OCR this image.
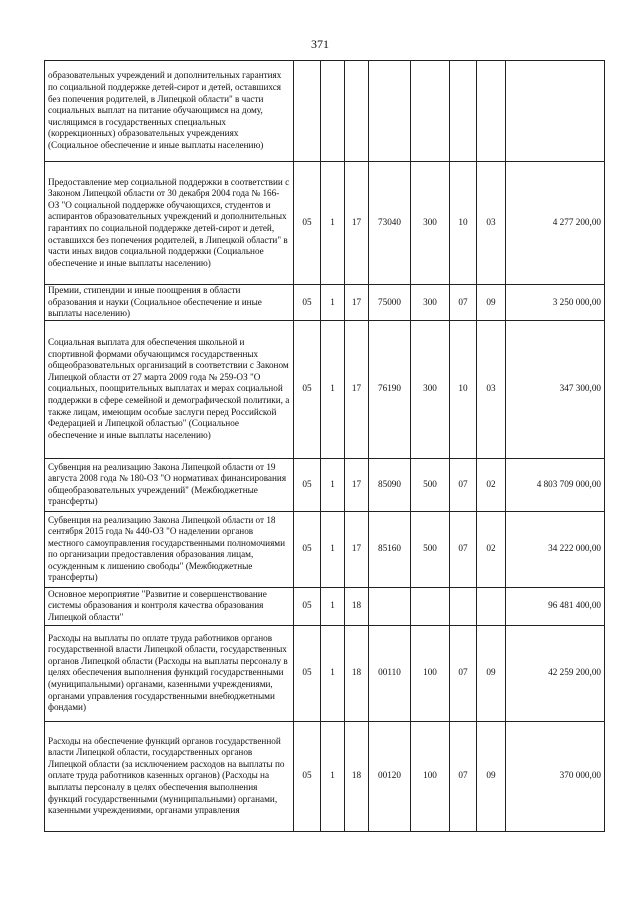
371
образовательных учреждений и дополнительных гарантиях по социальной поддержке детей-сирот и детей, оставшихся без попечения родителей, в Липецкой области" в части социальных выплат на питание обучающимся на дому, числящимся в государственных специальных (коррекционных) образовательных учреждениях (Социальное обеспечение и иные выплаты населению)								
Предоставление мер социальной поддержки в соответствии с Законом Липецкой области от 30 декабря 2004 года № 166-ОЗ "О социальной поддержке обучающихся, студентов и аспирантов образовательных учреждений и дополнительных гарантиях по социальной поддержке детей-сирот и детей, оставшихся без попечения родителей, в Липецкой области" в части иных видов социальной поддержки (Социальное обеспечение и иные выплаты населению)	05	1	17	73040	300	10	03	4 277 200,00
Премии, стипендии и иные поощрения в области образования и науки (Социальное обеспечение и иные выплаты населению)	05	1	17	75000	300	07	09	3 250 000,00
Социальная выплата для обеспечения школьной и спортивной формами обучающимся государственных общеобразовательных организаций в соответствии с Законом Липецкой области от 27 марта 2009 года № 259-ОЗ "О социальных, поощрительных выплатах и мерах социальной поддержки в сфере семейной и демографической политики, а также лицам, имеющим особые заслуги перед Российской Федерацией и Липецкой областью" (Социальное обеспечение и иные выплаты населению)	05	1	17	76190	300	10	03	347 300,00
Субвенция на реализацию Закона Липецкой области от 19 августа 2008 года № 180-ОЗ "О нормативах финансирования общеобразовательных учреждений" (Межбюджетные трансферты)	05	1	17	85090	500	07	02	4 803 709 000,00
Субвенция на реализацию Закона Липецкой области от 18 сентября 2015 года № 440-ОЗ "О наделении органов местного самоуправления государственными полномочиями по организации предоставления образования лицам, осужденным к лишению свободы" (Межбюджетные трансферты)	05	1	17	85160	500	07	02	34 222 000,00
Основное мероприятие "Развитие и совершенствование системы образования и контроля качества образования Липецкой области"	05	1	18					96 481 400,00
Расходы на выплаты по оплате труда работников органов государственной власти Липецкой области, государственных органов Липецкой области (Расходы на выплаты персоналу в целях обеспечения выполнения функций государственными (муниципальными) органами, казенными учреждениями, органами управления государственными внебюджетными фондами)	05	1	18	00110	100	07	09	42 259 200,00
Расходы на обеспечение функций органов государственной власти Липецкой области, государственных органов Липецкой области (за исключением расходов на выплаты по оплате труда работников казенных органов) (Расходы на выплаты персоналу в целях обеспечения выполнения функций государственными (муниципальными) органами, казенными учреждениями, органами управления	05	1	18	00120	100	07	09	370 000,00
